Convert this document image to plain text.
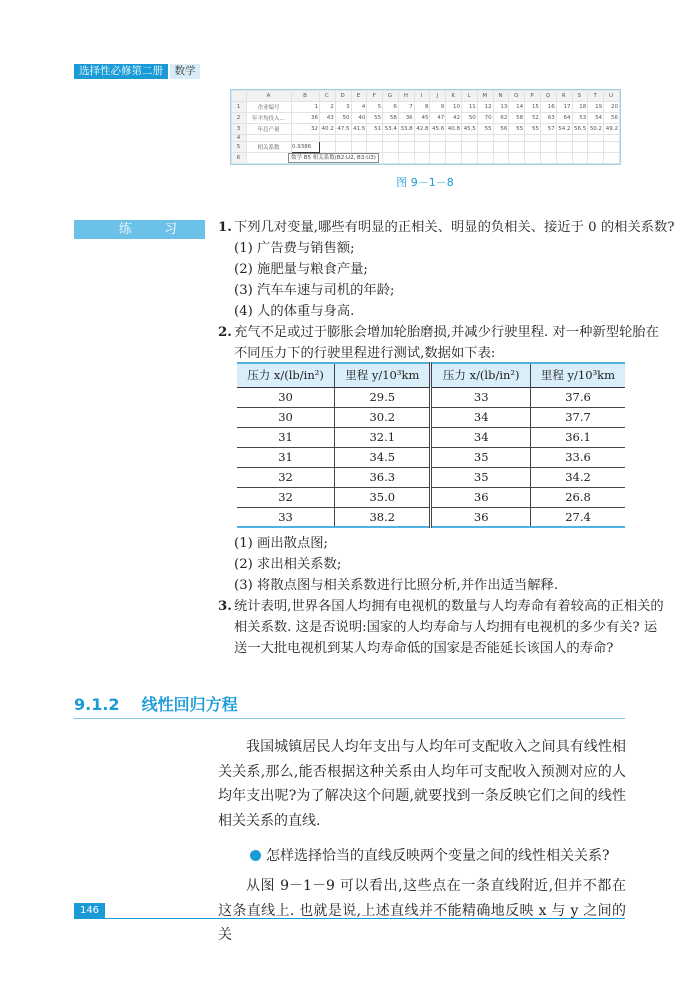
选择性必修第二册	数学
	A	B	C	D	E	F	G	H	I	J	K	L	M	N	O	P	Q	R	S	T	U
1	企业编号	1	2	3	4	5	6	7	8	9	10	11	12	13	14	15	16	17	18	19	20
2	年平均投入…	36	43	50	40	55	58	36	45	47	42	50	70	62	58	52	63	64	53	54	56
3	年总产量	32	40.2	47.5	41.5	51	53.4	33.8	42.8	45.6	40.8	45.5	55	56	55	55	57	54.2	56.5	50.2	49.2
4																					
5	相关系数	0.9386																			
6		数学 B5 相关系数(B2:U2, B3:U3)																			

图 9－1－8
练 习	1. 下列几对变量,哪些有明显的正相关、明显的负相关、接近于 0 的相关系数?
(1) 广告费与销售额;
(2) 施肥量与粮食产量;
(3) 汽车车速与司机的年龄;
(4) 人的体重与身高.
2. 充气不足或过于膨胀会增加轮胎磨损,并减少行驶里程. 对一种新型轮胎在
不同压力下的行驶里程进行测试,数据如下表:
压力 x/(lb/in²)	里程 y/10³km	压力 x/(lb/in²)	里程 y/10³km
30	29.5	33	37.6
30	30.2	34	37.7
31	32.1	34	36.1
31	34.5	35	33.6
32	36.3	35	34.2
32	35.0	36	26.8
33	38.2	36	27.4
(1) 画出散点图;
(2) 求出相关系数;
(3) 将散点图与相关系数进行比照分析,并作出适当解释.
3. 统计表明,世界各国人均拥有电视机的数量与人均寿命有着较高的正相关的
相关系数. 这是否说明:国家的人均寿命与人均拥有电视机的多少有关? 运
送一大批电视机到某人均寿命低的国家是否能延长该国人的寿命?
9.1.2 线性回归方程
我国城镇居民人均年支出与人均年可支配收入之间具有线性相关关系,那么,能否根据这种关系由人均年可支配收入预测对应的人均年支出呢?为了解决这个问题,就要找到一条反映它们之间的线性相关关系的直线.
怎样选择恰当的直线反映两个变量之间的线性相关关系?
从图 9－1－9 可以看出,这些点在一条直线附近,但并不都在这条直线上. 也就是说,上述直线并不能精确地反映 x 与 y 之间的关
146
